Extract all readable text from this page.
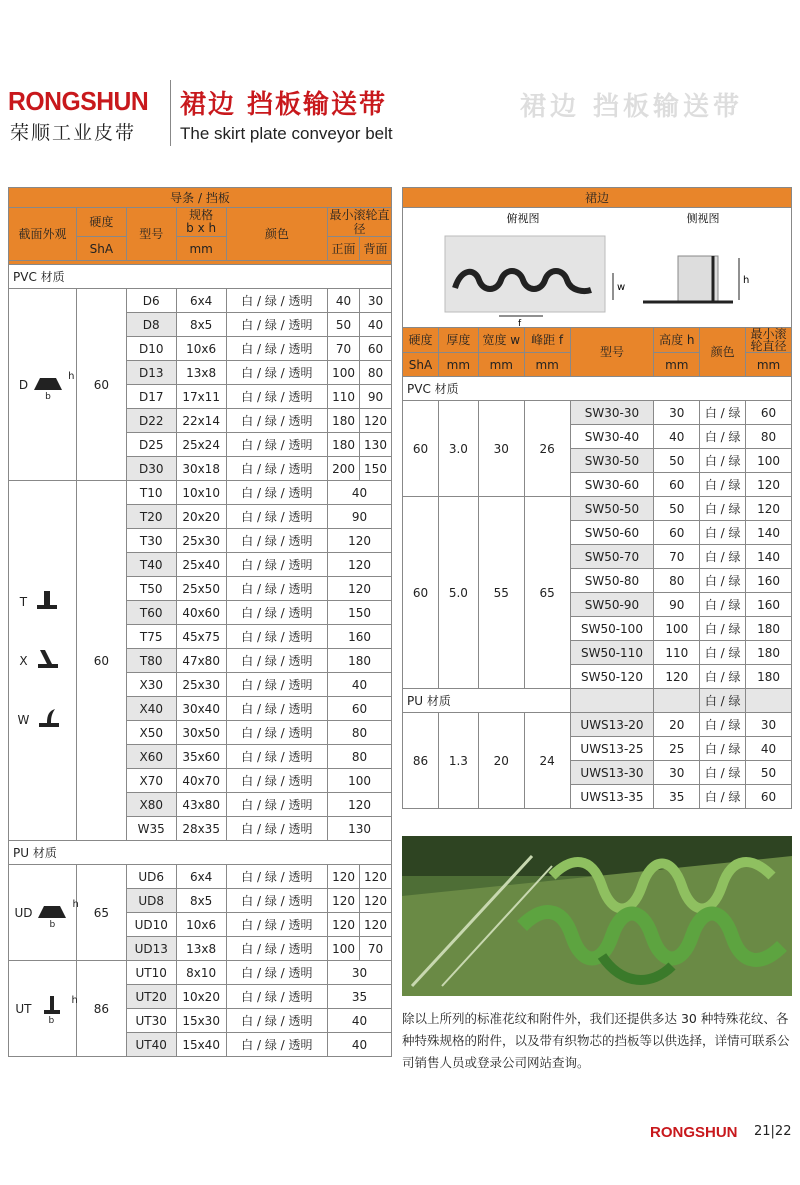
裙边 挡板输送带
RONGSHUN
荣顺工业皮带
裙边 挡板输送带
The skirt plate conveyor belt
导条 / 挡板						
截面外观	硬度	型号	规格
b x h	颜色	最小滚轮直径	
	ShA		mm		正面	背面

PVC 材质						

D
h
b	60	D6	6x4	白 / 绿 / 透明	40	30
		D8	8x5	白 / 绿 / 透明	50	40
		D10	10x6	白 / 绿 / 透明	70	60
		D13	13x8	白 / 绿 / 透明	100	80
		D17	17x11	白 / 绿 / 透明	110	90
		D22	22x14	白 / 绿 / 透明	180	120
		D25	25x24	白 / 绿 / 透明	180	130
		D30	30x18	白 / 绿 / 透明	200	150

T
X
W	60	T10	10x10	白 / 绿 / 透明	40	
		T20	20x20	白 / 绿 / 透明	90	
		T30	25x30	白 / 绿 / 透明	120	
		T40	25x40	白 / 绿 / 透明	120	
		T50	25x50	白 / 绿 / 透明	120	
		T60	40x60	白 / 绿 / 透明	150	
		T75	45x75	白 / 绿 / 透明	160	
		T80	47x80	白 / 绿 / 透明	180	
		X30	25x30	白 / 绿 / 透明	40	
		X40	30x40	白 / 绿 / 透明	60	
		X50	30x50	白 / 绿 / 透明	80	
		X60	35x60	白 / 绿 / 透明	80	
		X70	40x70	白 / 绿 / 透明	100	
		X80	43x80	白 / 绿 / 透明	120	
		W35	28x35	白 / 绿 / 透明	130	
PU 材质						

UD
h
b	65	UD6	6x4	白 / 绿 / 透明	120	120
		UD8	8x5	白 / 绿 / 透明	120	120
		UD10	10x6	白 / 绿 / 透明	120	120
		UD13	13x8	白 / 绿 / 透明	100	70

UT
h
b	86	UT10	8x10	白 / 绿 / 透明	30	
		UT20	10x20	白 / 绿 / 透明	35	
		UT30	15x30	白 / 绿 / 透明	40	
		UT40	15x40	白 / 绿 / 透明	40	
裙边							

俯视图 侧视图
w
f
h							

硬度	厚度	宽度 w	峰距 f	型号	高度 h	颜色	最小滚轮直径
ShA	mm	mm	mm		mm		mm
PVC 材质							
60	3.0	30	26	SW30-30	30	白 / 绿	60
				SW30-40	40	白 / 绿	80
				SW30-50	50	白 / 绿	100
				SW30-60	60	白 / 绿	120
60	5.0	55	65	SW50-50	50	白 / 绿	120
				SW50-60	60	白 / 绿	140
				SW50-70	70	白 / 绿	140
				SW50-80	80	白 / 绿	160
				SW50-90	90	白 / 绿	160
				SW50-100	100	白 / 绿	180
				SW50-110	110	白 / 绿	180
				SW50-120	120	白 / 绿	180
PU 材质						白 / 绿	
86	1.3	20	24	UWS13-20	20	白 / 绿	30
				UWS13-25	25	白 / 绿	40
				UWS13-30	30	白 / 绿	50
				UWS13-35	35	白 / 绿	60
除以上所列的标准花纹和附件外，我们还提供多达 30 种特殊花纹、各种特殊规格的附件，以及带有织物芯的挡板等以供选择，详情可联系公司销售人员或登录公司网站查询。
RONGSHUN 21|22
